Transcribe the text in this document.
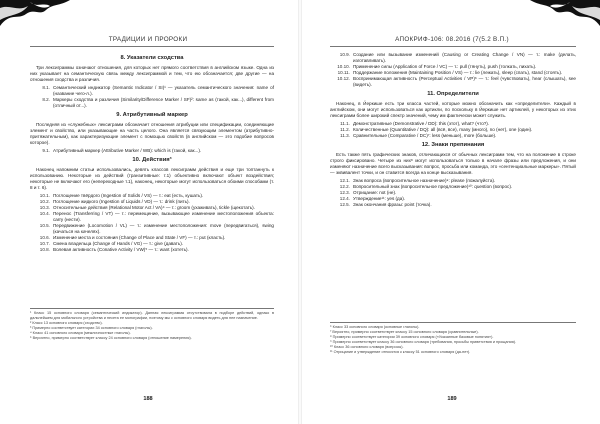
ТРАДИЦИИ И ПРОРОКИ
8. Указатели сходства

Три лексиграммы означают отношения, для которых нет прямого соответствия в английском языке. Одна из них указывает на семантическую связь между лексиграммой и тем, что ею обозначается; две другие — на отношения сходства и различия.

8.1. Семантический индикатор (Semantic Indicator / SI)¹ — указатель семантического значения: name of (название чего-л.).
8.2. Маркеры сходства и различия (Similarity/Difference Marker / SF)²: same as (такой, как...), different from (отличный от...).
9. Атрибутивный маркер

Последняя из «служебных» лексиграмм обозначает отношения атрибуции или спецификации, соединяющие элемент и свойство, или указывающие на часть целого. Она является связующим элементом (атрибутивно-притяжательным), как характеризующие элемент с помощью свойств (в английском — это подобие вопросов которое).

9.1. Атрибутивный маркер (Attributive Marker / WB): which is (такой, как...).
10. Действия³

Наконец напомним статьи использовались, девять классов лексиграмм действия и еще три топтаннуть к использованию. Некоторые из действий (транзитивные: т.1) объективно включают объект воздействия; некоторые не включают его (непереходные т.1), наконец, некоторые могут использоваться обоими способами (т. 8 и т. 6).

10.1. Поглощение твёрдого (Ingestion of Solids / VS) — т.: eat (есть, кушать).
10.2. Поглощение жидкого (Ingestion of Liquids / VD) — т.: drink (пить).
10.3. Относительные действия (Relational Motor Act / VA)⁴ — т.: groom (ухаживать), tickle (щекотать).
10.4. Перенос (Transferring / VT) — т.: перемещение, вызывающее изменение местоположения объекта: carry (нести).
10.5. Передвижение (Locomotion / VL) — т.: изменение местоположения: move (передвигаться), swing (качаться на качелях).
10.6. Изменение места и состояния (Change of Place and State / VF) — т.: put (класть).
10.7. Смена владельца (Change of Hands / VG) — т.: give (давать).
10.8. Волевая активность (Conative Activity / VW)⁵ — т.: want (хотеть).
¹ Класс 15 основного словаря (семантический индикатор). Данная лексиграмма отсутствовала в подборе действий, однако в дальнейшем для мобильного устройства и несета ее монографии, поэтому мы с основного словаря видеть для нее назначение.
² Класс 13 основного словаря (сходство).
³ Примерно соответствует категории 34 основного словаря (глаголы).
⁴ Класс 41 основного словаря (межличностные глаголы).
⁵ Вероятно, примерно соответствует классу 24 основного словаря (отношение намерения).
188
АПОКРИФ-106: 08.2016 (7(5.2 В.П.)
10.9. Создание или вызывание изменений (Causing or Creating Change / VN) — т.: make (делать, изготавливать).
10.10. Применение силы (Application of Force / VC) — т.: pull (тянуть), push (толкать, пихать).
10.11. Поддержание положения (Maintaining Position / VS) — т.: lie (лежать), sleep (спать), stand (стоять).
10.12. Воспринимающая активность (Perceptual Activities / VP)⁶ — т.: feel (чувствовать), hear (слышать), see (видеть).
11. Определители

Наконец, в Йеркише есть три класса частей, которые можно обозначить как «определители». Каждый в английском, они могут использоваться как артикли, по поскольку в Йеркише нет артиклей, у некоторых из этих лексиграмм более широкий спектр значений, чему им фактически может служить.

11.1. Демонстративные (Demonstrative / DD): this (этот), what? (что?).
11.2. Количественные (Quantitative / DQ): all (всё, все), many (много), no (нет), one (один).
11.3. Сравнительные (Comparative / DC)⁷: less (меньше), more (больше).
12. Знаки препинания

Есть также пять графических знаков, отличающихся от обычных лексиграмм тем, что на положение в строке строго фиксировано. Четыре из них⁸ могут использоваться только в начале фразы или предложения, и они изменяют назначение всего высказывания: вопрос, просьба или команда, это «сентенциальные маркеры». Пятый — эквивалент точки, и он ставится всегда на конце высказывания.

12.1. Знак вопроса (вопросительное назначение)⁹: please (пожалуйста).
12.2. Вопросительный знак (вопросительное предложение)¹⁰: question (вопрос).
12.3. Отрицание: not (не).
12.4. Утверждение¹¹: yes (да).
12.5. Знак окончания фразы: point (точка).
⁶ Класс 33 основного словаря (основные глаголы).
⁷ Вероятно, примерно соответствует классу 15 основного словаря (сравнительные).
⁸ Примерно соответствует категории 39 основного словаря («Указанные базовые понятия»).
⁹ Примерно соответствует классу 36 основного словаря (требования, просьбы приветствия и прощания).
¹⁰ Класс 36 основного словаря (вопросы).
¹¹ Отрицание и утверждение относятся к классу 51 основного словаря (да-нет).
189
